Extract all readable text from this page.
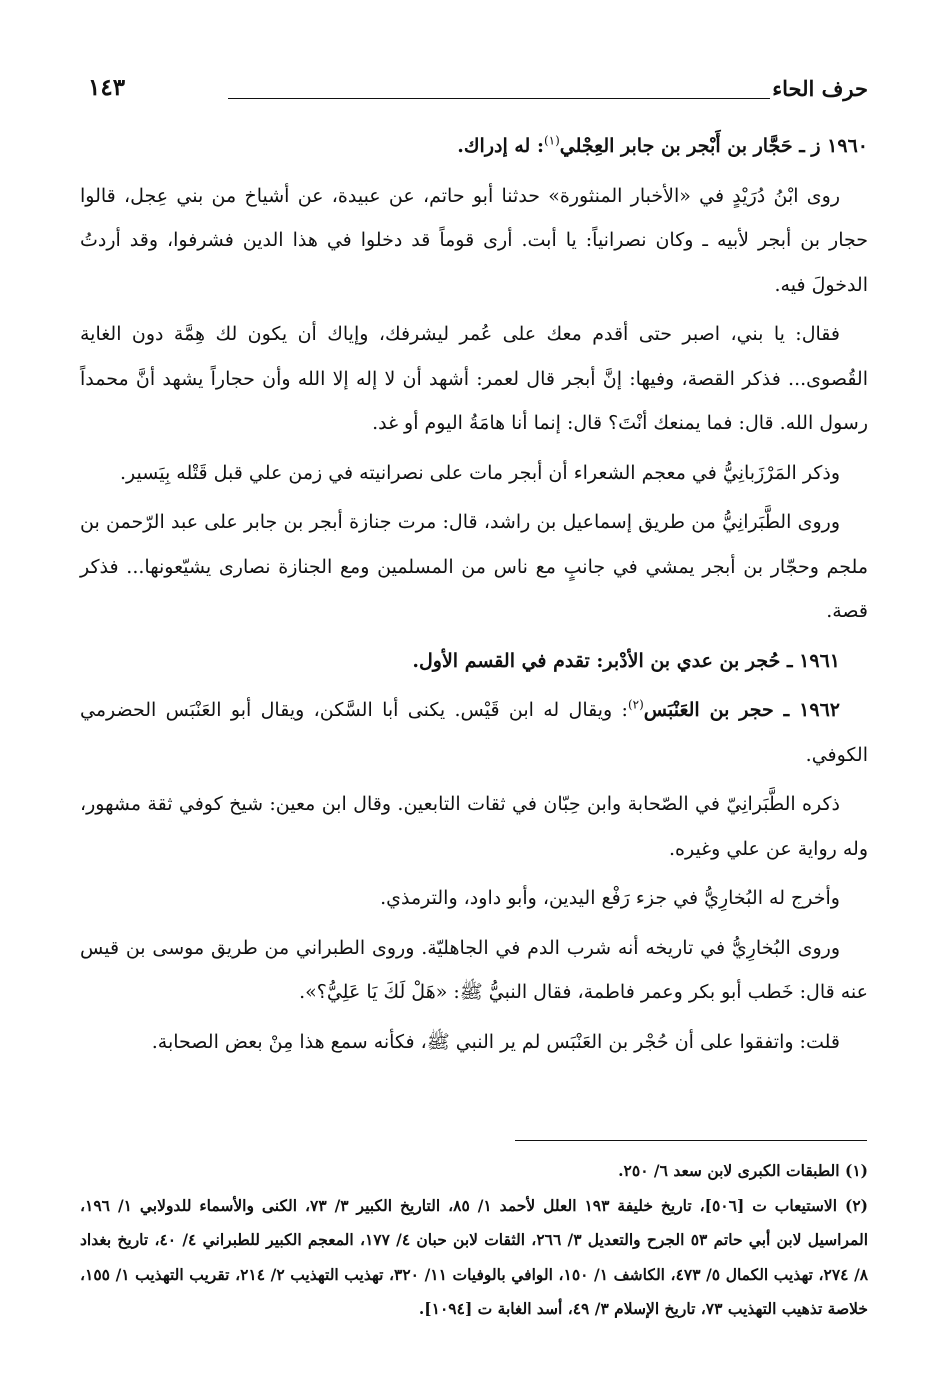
حرف الحاء
١٤٣

١٩٦٠ ز ـ حَجَّار بن أَبْجر بن جابر العِجْلي$^{(١)}$: له إدراك.

روى ابْنُ دُرَيْدٍ في «الأخبار المنثورة» حدثنا أبو حاتم، عن عبيدة، عن أشياخ من بني عِجل، قالوا حجار بن أبجر لأبيه ـ وكان نصرانياً: يا أبت. أرى قوماً قد دخلوا في هذا الدين فشرفوا، وقد أردتُ الدخولَ فيه.

فقال: يا بني، اصبر حتى أقدم معك على عُمر ليشرفك، وإياك أن يكون لك هِمَّة دون الغاية القُصوى... فذكر القصة، وفيها: إنَّ أبجر قال لعمر: أشهد أن لا إله إلا الله وأن حجاراً يشهد أنَّ محمداً رسول الله. قال: فما يمنعك أنْتَ؟ قال: إنما أنا هامَةُ اليوم أو غد.

وذكر المَرْزَبانِيُّ في معجم الشعراء أن أبجر مات على نصرانيته في زمن علي قبل قَتْله بِيَسير.

وروى الطَّبَرانِيُّ من طريق إسماعيل بن راشد، قال: مرت جنازة أبجر بن جابر على عبد الرّحمن بن ملجم وحجّار بن أبجر يمشي في جانبٍ مع ناس من المسلمين ومع الجنازة نصارى يشيّعونها... فذكر قصة.

١٩٦١ ـ حُجر بن عدي بن الأدْبر: تقدم في القسم الأول.

١٩٦٢ ـ حجر بن العَنْبَس$^{(٢)}$: ويقال له ابن قَيْس. يكنى أبا السَّكن، ويقال أبو العَنْبَس الحضرمي الكوفي.

ذكره الطَّبَرانِيّ في الصّحابة وابن حِبّان في ثقات التابعين. وقال ابن معين: شيخ كوفي ثقة مشهور، وله رواية عن علي وغيره.

وأخرج له البُخارِيُّ في جزء رَفْع اليدين، وأبو داود، والترمذي.

وروى البُخارِيُّ في تاريخه أنه شرب الدم في الجاهليّة. وروى الطبراني من طريق موسى بن قيس عنه قال: خَطب أبو بكر وعمر فاطمة، فقال النبيُّ ﷺ: «هَلْ لَكَ يَا عَلِيُّ؟».

قلت: واتفقوا على أن حُجْر بن العَنْبَس لم ير النبي ﷺ، فكأنه سمع هذا مِنْ بعض الصحابة.

(١) الطبقات الكبرى لابن سعد ٦/ ٢٥٠.

(٢) الاستيعاب ت [٥٠٦]، تاريخ خليفة ١٩٣ العلل لأحمد ١/ ٨٥، التاريخ الكبير ٣/ ٧٣، الكنى والأسماء للدولابي ١/ ١٩٦، المراسيل لابن أبي حاتم ٥٣ الجرح والتعديل ٣/ ٢٦٦، الثقات لابن حبان ٤/ ١٧٧، المعجم الكبير للطبراني ٤/ ٤٠، تاريخ بغداد ٨/ ٢٧٤، تهذيب الكمال ٥/ ٤٧٣، الكاشف ١/ ١٥٠، الوافي بالوفيات ١١/ ٣٢٠، تهذيب التهذيب ٢/ ٢١٤، تقريب التهذيب ١/ ١٥٥، خلاصة تذهيب التهذيب ٧٣، تاريخ الإسلام ٣/ ٤٩، أسد الغابة ت [١٠٩٤].
